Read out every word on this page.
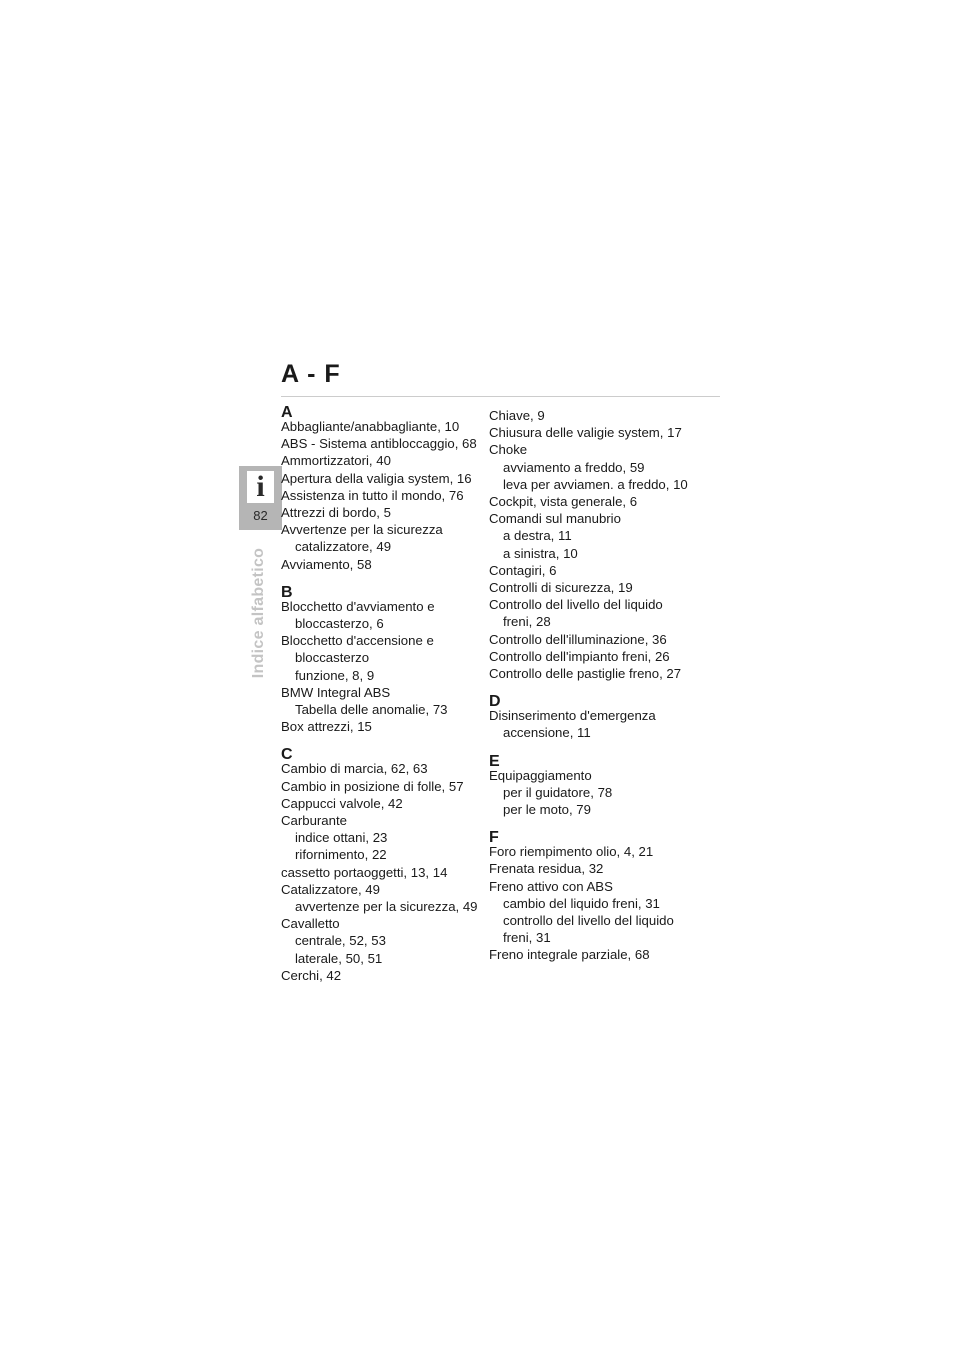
A - F
i
82
Indice alfabetico
A
Abbagliante/anabbagliante, 10
ABS - Sistema antibloccaggio, 68
Ammortizzatori, 40
Apertura della valigia system, 16
Assistenza in tutto il mondo, 76
Attrezzi di bordo, 5
Avvertenze per la sicurezza
catalizzatore, 49
Avviamento, 58
B
Blocchetto d'avviamento e
bloccasterzo, 6
Blocchetto d'accensione e
bloccasterzo
funzione, 8, 9
BMW Integral ABS
Tabella delle anomalie, 73
Box attrezzi, 15
C
Cambio di marcia, 62, 63
Cambio in posizione di folle, 57
Cappucci valvole, 42
Carburante
indice ottani, 23
rifornimento, 22
cassetto portaoggetti, 13, 14
Catalizzatore, 49
avvertenze per la sicurezza, 49
Cavalletto
centrale, 52, 53
laterale, 50, 51
Cerchi, 42
Chiave, 9
Chiusura delle valigie system, 17
Choke
avviamento a freddo, 59
leva per avviamen. a freddo, 10
Cockpit, vista generale, 6
Comandi sul manubrio
a destra, 11
a sinistra, 10
Contagiri, 6
Controlli di sicurezza, 19
Controllo del livello del liquido
freni, 28
Controllo dell'illuminazione, 36
Controllo dell'impianto freni, 26
Controllo delle pastiglie freno, 27
D
Disinserimento d'emergenza
accensione, 11
E
Equipaggiamento
per il guidatore, 78
per le moto, 79
F
Foro riempimento olio, 4, 21
Frenata residua, 32
Freno attivo con ABS
cambio del liquido freni, 31
controllo del livello del liquido
freni, 31
Freno integrale parziale, 68
